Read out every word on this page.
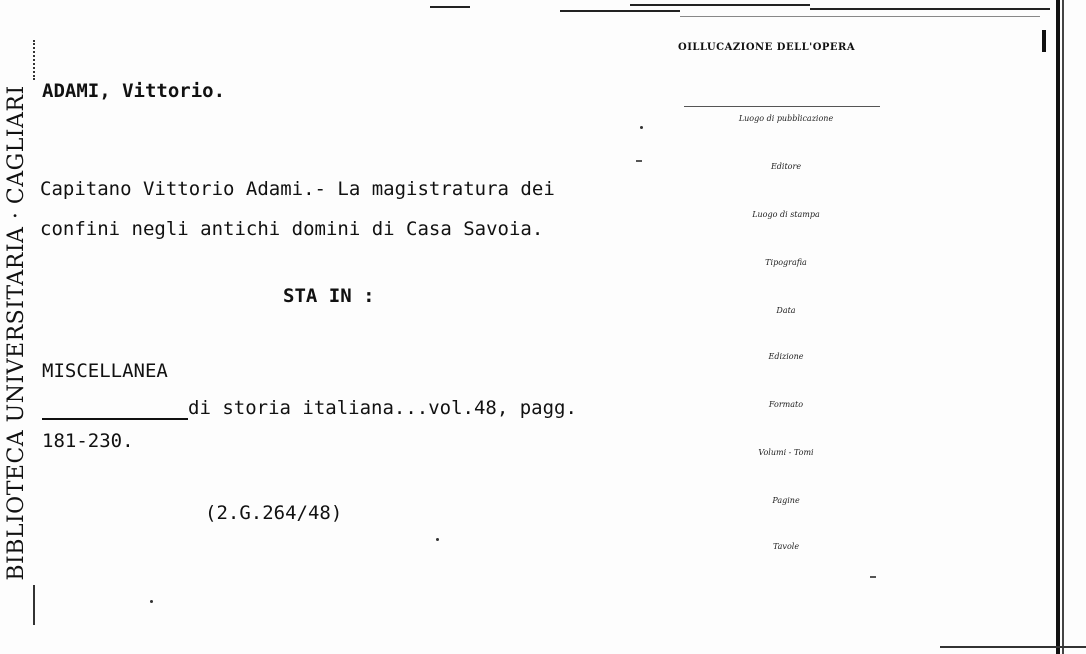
BIBLIOTECA UNIVERSITARIA · CAGLIARI ADAMI, Vittorio.
Capitano Vittorio Adami.- La magistratura dei
confini negli antichi domini di Casa Savoia.
STA IN :
MISCELLANEA
di storia italiana...vol.48, pagg.
181-230.
(2.G.264/48)
OILLUCAZIONE DELL'OPERA
Luogo di pubblicazione
Editore
Luogo di stampa
Tipografia
Data
Edizione
Formato
Volumi - Tomi
Pagine
Tavole
